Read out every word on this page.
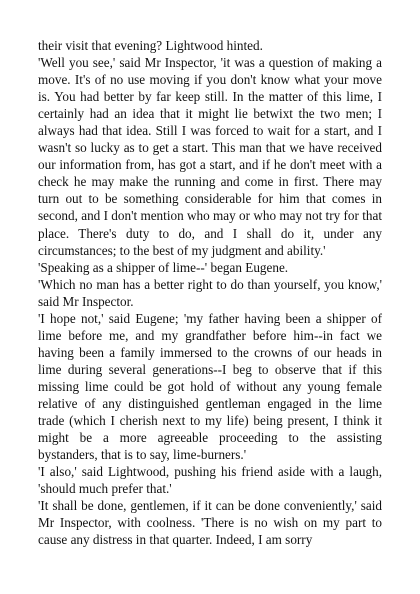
their visit that evening? Lightwood hinted.

'Well you see,' said Mr Inspector, 'it was a question of making a move. It's of no use moving if you don't know what your move is. You had better by far keep still. In the matter of this lime, I certainly had an idea that it might lie betwixt the two men; I always had that idea. Still I was forced to wait for a start, and I wasn't so lucky as to get a start. This man that we have received our information from, has got a start, and if he don't meet with a check he may make the running and come in first. There may turn out to be something considerable for him that comes in second, and I don't mention who may or who may not try for that place. There's duty to do, and I shall do it, under any circumstances; to the best of my judgment and ability.'

'Speaking as a shipper of lime--' began Eugene.

'Which no man has a better right to do than yourself, you know,' said Mr Inspector.

'I hope not,' said Eugene; 'my father having been a shipper of lime before me, and my grandfather before him--in fact we having been a family immersed to the crowns of our heads in lime during several generations--I beg to observe that if this missing lime could be got hold of without any young female relative of any distinguished gentleman engaged in the lime trade (which I cherish next to my life) being present, I think it might be a more agreeable proceeding to the assisting bystanders, that is to say, lime-burners.'

'I also,' said Lightwood, pushing his friend aside with a laugh, 'should much prefer that.'

'It shall be done, gentlemen, if it can be done conveniently,' said Mr Inspector, with coolness. 'There is no wish on my part to cause any distress in that quarter. Indeed, I am sorry
